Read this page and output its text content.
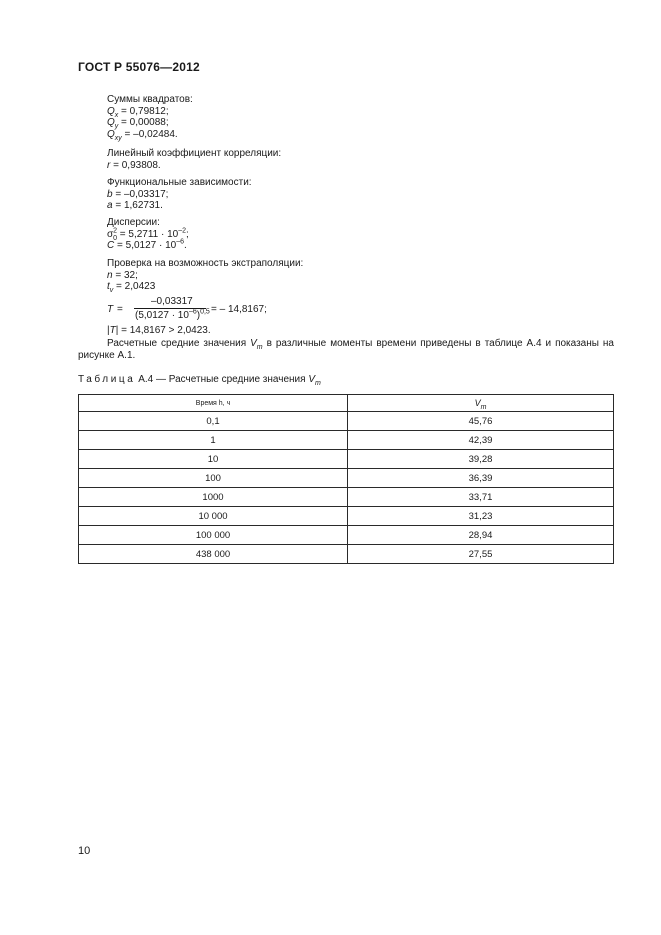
ГОСТ Р 55076—2012
Суммы квадратов:
$Q_x = 0,79812$;
$Q_y = 0,00088$;
$Q_{xy} = -0,02484$.
Линейный коэффициент корреляции:
r = 0,93808.
Функциональные зависимости:
b = –0,03317;
a = 1,62731.
Дисперсии:
$\sigma^2_0 = 5,2711 \cdot 10^{-2}$;
$C = 5,0127 \cdot 10^{-6}$.
Проверка на возможность экстраполяции:
n = 32;
$t_v = 2,0423$
T =
–0,03317
$(5,0127 \cdot 10^{-6})^{0,5}$ = – 14,8167;
|T| = 14,8167 > 2,0423.
Расчетные средние значения $V_m$ в различные моменты времени приведены в таблице А.4 и показаны на рисунке А.1.
Таблица А.4 — Расчетные средние значения $V_m$
Время h, ч	$V_m$
0,1	45,76
1	42,39
10	39,28
100	36,39
1000	33,71
10 000	31,23
100 000	28,94
438 000	27,55
10
